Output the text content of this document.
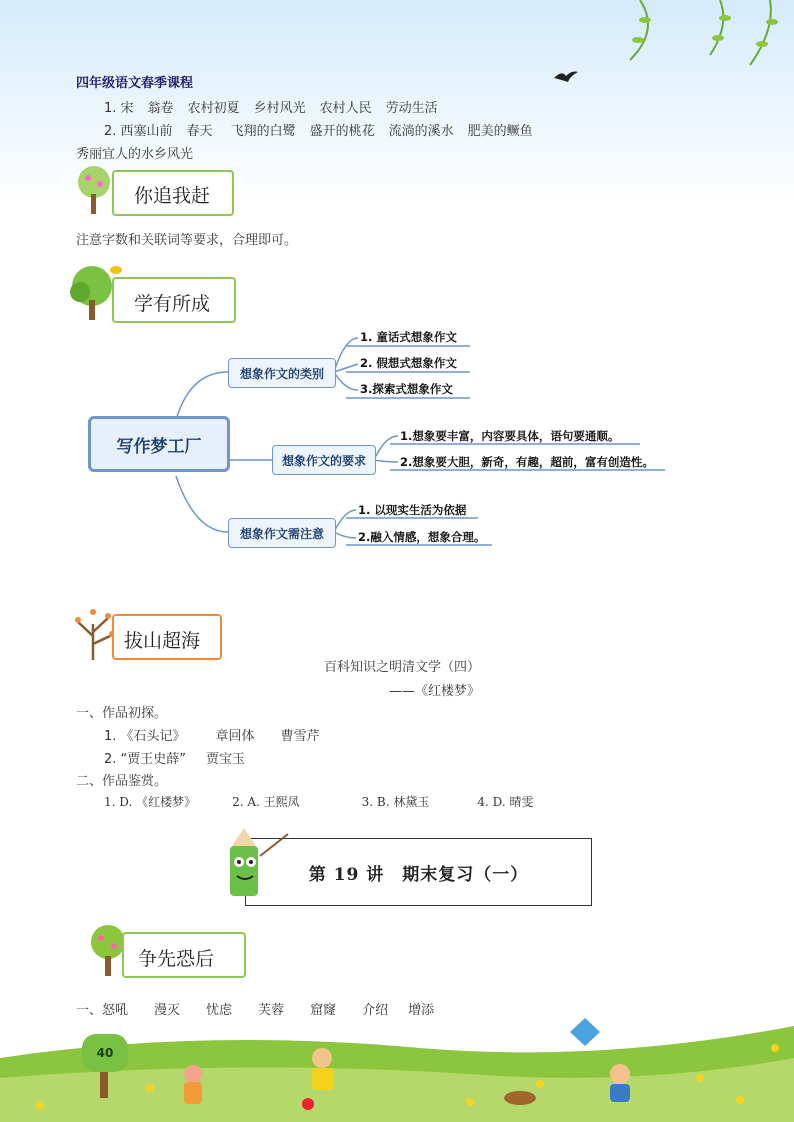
四年级语文春季课程
1. 宋 翁卷 农村初夏 乡村风光 农村人民 劳动生活
2. 西塞山前 春天 飞翔的白鹭 盛开的桃花 流淌的溪水 肥美的鳜鱼
秀丽宜人的水乡风光
你追我赶
注意字数和关联词等要求，合理即可。
学有所成
写作梦工厂
想象作文的类别
想象作文的要求
想象作文需注意
1. 童话式想象作文
2. 假想式想象作文
3.探索式想象作文
1.想象要丰富，内容要具体，语句要通顺。
2.想象要大胆，新奇，有趣，超前，富有创造性。
1. 以现实生活为依据
2.融入情感，想象合理。
拔山超海
百科知识之明清文学（四）
——《红楼梦》
一、作品初探。
1. 《石头记》 章回体 曹雪芹
2. “贾王史薛” 贾宝玉
二、作品鉴赏。
1. D. 《红楼梦》	2. A. 王熙凤	3. B. 林黛玉	4. D. 晴雯
第 19 讲　期末复习（一）
争先恐后
一、怒吼 漫灭 忧虑 芙蓉 窟窿 介绍 增添
40
